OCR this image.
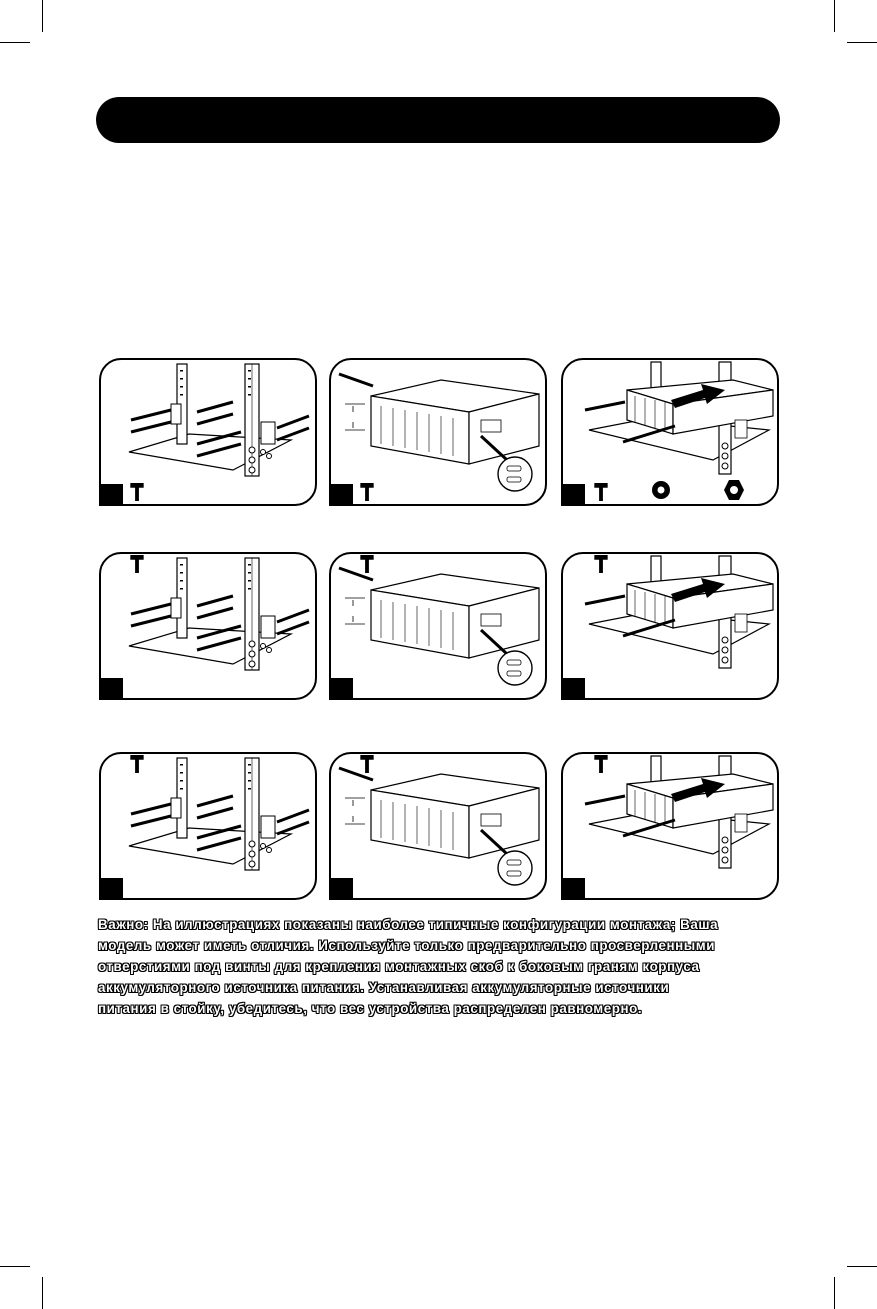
Важно: На иллюстрациях показаны наиболее типичные конфигурации монтажа; Ваша
модель может иметь отличия. Используйте только предварительно просверленными
отверстиями под винты для крепления монтажных скоб к боковым граням корпуса
аккумуляторного источника питания. Устанавливая аккумуляторные источники
питания в стойку, убедитесь, что вес устройства распределен равномерно.
